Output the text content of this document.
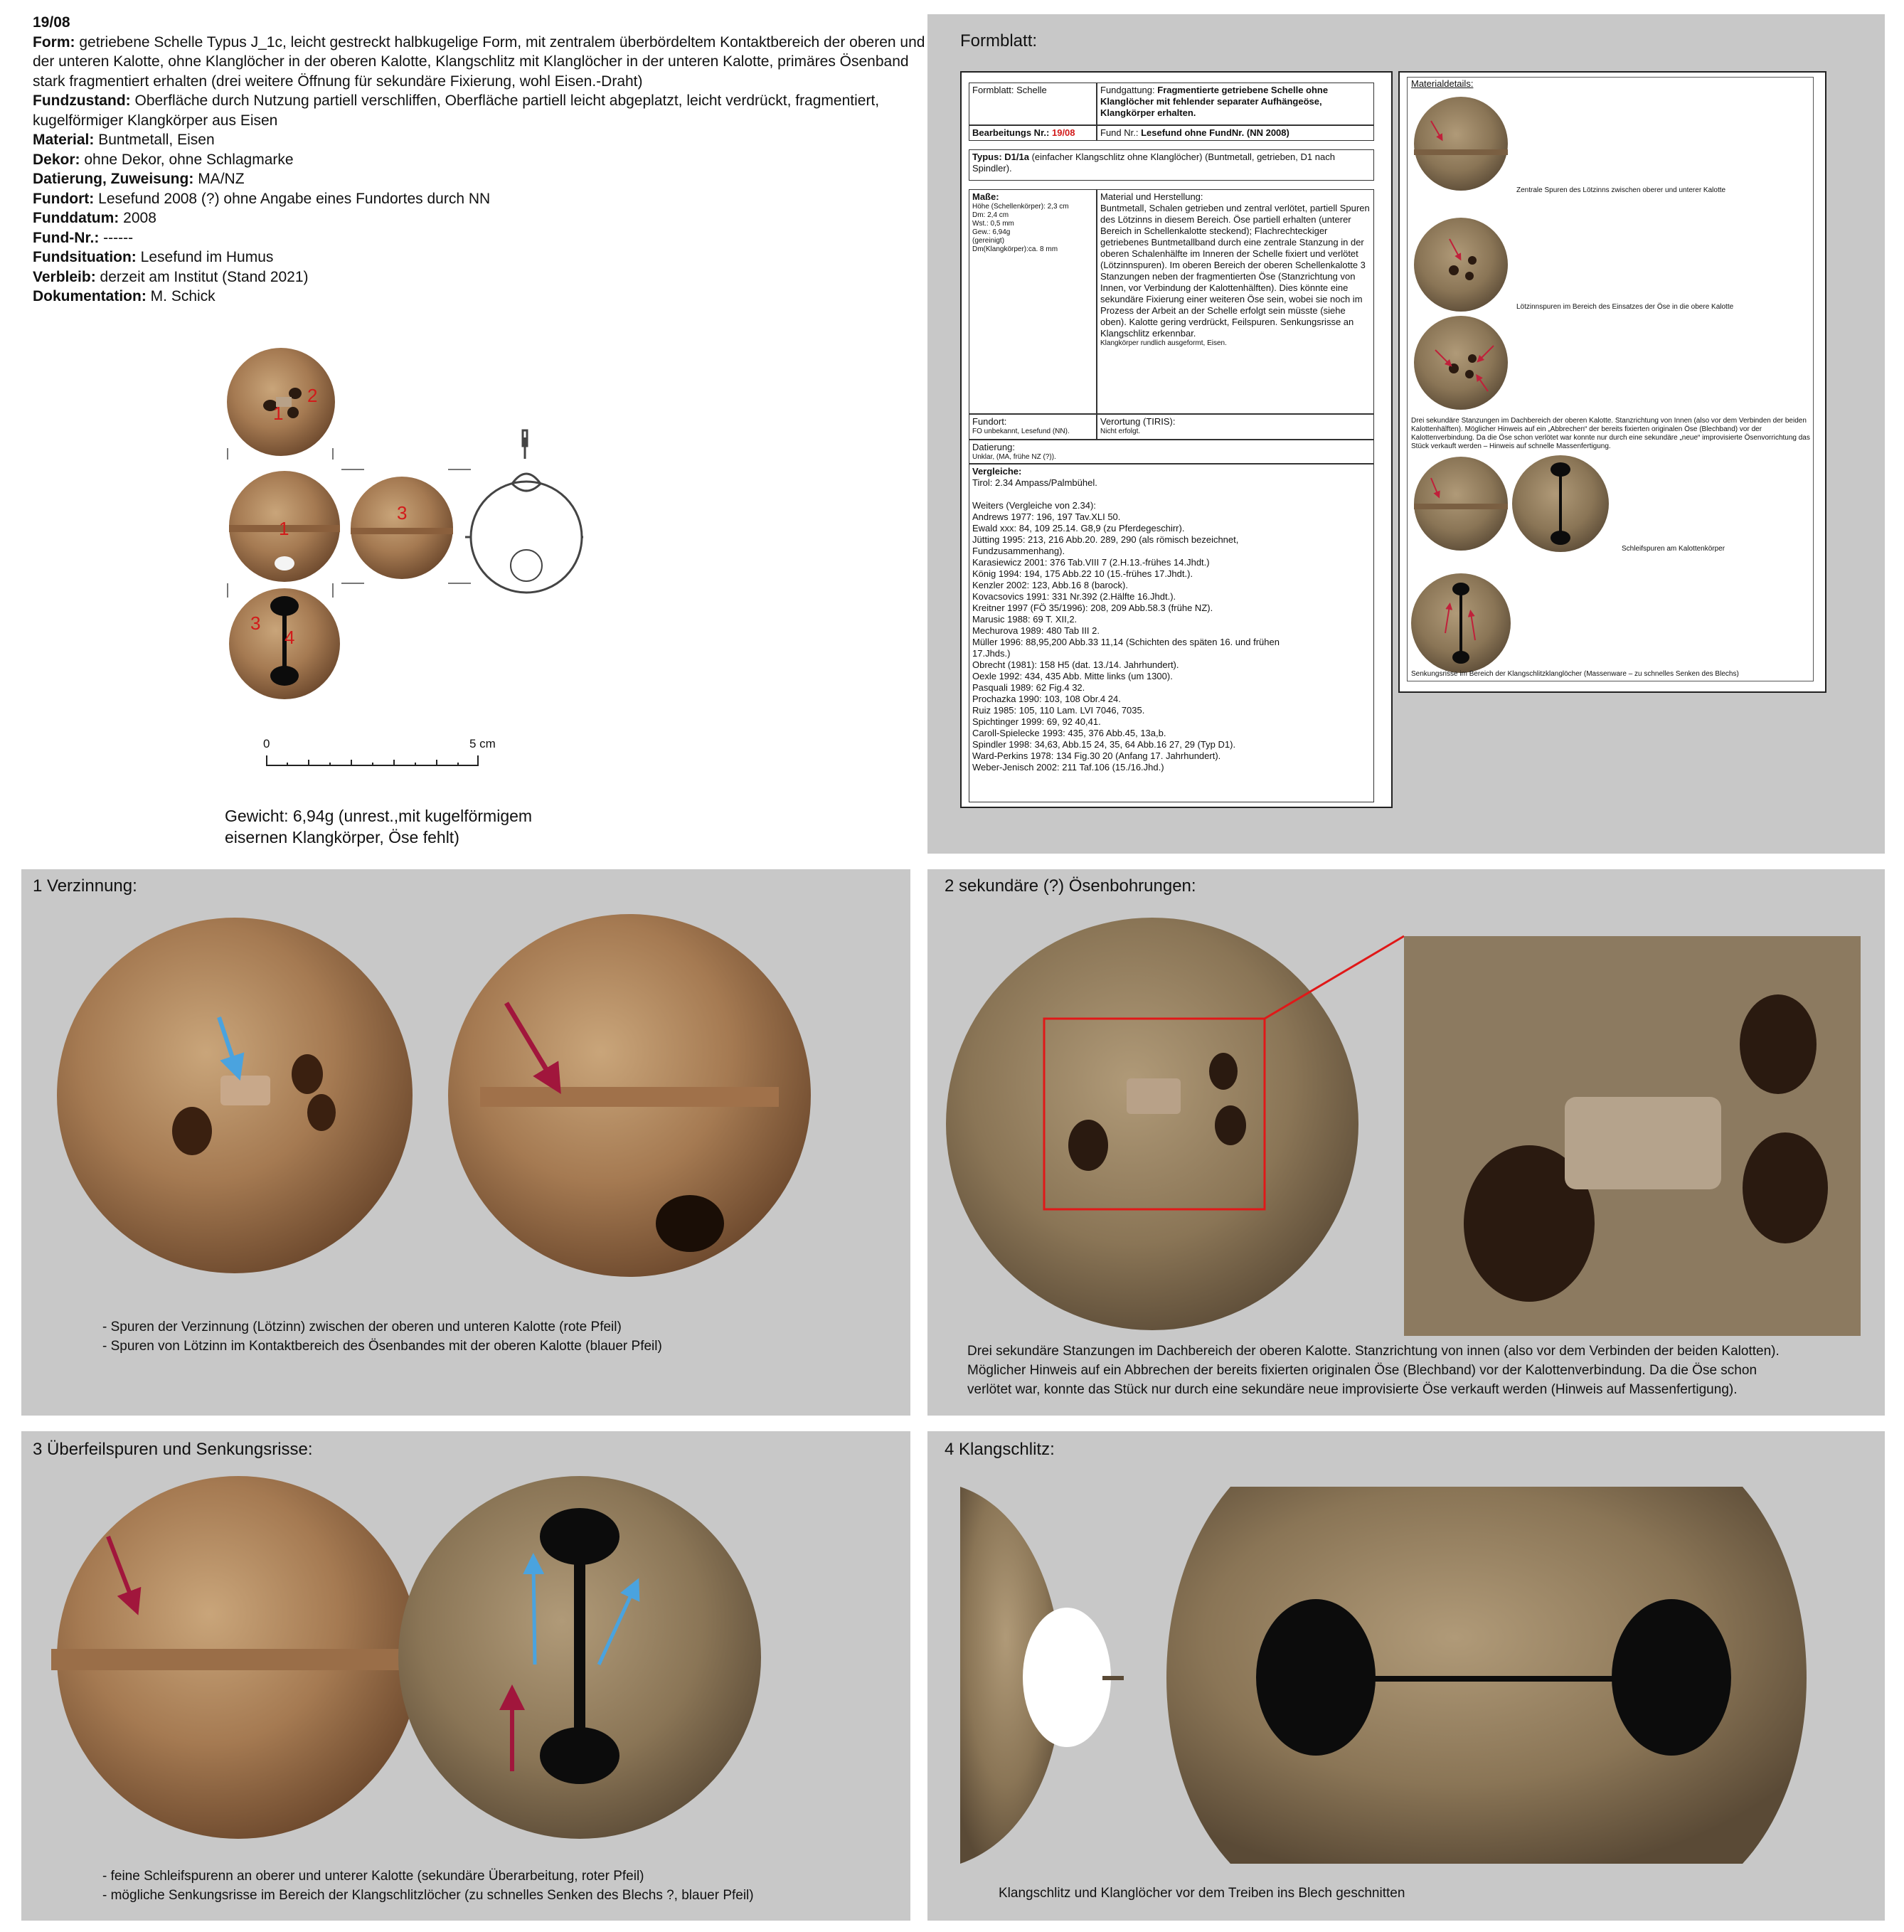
19/08

Form: getriebene Schelle Typus J_1c, leicht gestreckt halbkugelige Form, mit zentralem überbördeltem Kontaktbereich der oberen und der unteren Kalotte, ohne Klanglöcher in der oberen Kalotte, Klangschlitz mit Klanglöcher in der unteren Kalotte, primäres Ösenband stark fragmentiert erhalten (drei weitere Öffnung für sekundäre Fixierung, wohl Eisen.-Draht)

Fundzustand: Oberfläche durch Nutzung partiell verschliffen, Oberfläche partiell leicht abgeplatzt, leicht verdrückt, fragmentiert, kugelförmiger Klangkörper aus Eisen

Material: Buntmetall, Eisen

Dekor: ohne Dekor, ohne Schlagmarke

Datierung, Zuweisung: MA/NZ

Fundort: Lesefund 2008 (?) ohne Angabe eines Fundortes durch NN

Funddatum: 2008

Fund-Nr.: ------

Fundsituation: Lesefund im Humus

Verbleib: derzeit am Institut (Stand 2021)

Dokumentation: M. Schick

1
2
1
3
3
4
0	5 cm
Gewicht: 6,94g (unrest.,mit kugelförmigem
eisernen Klangkörper, Öse fehlt)
Formblatt:
Formblatt: Schelle	Fundgattung: Fragmentierte getriebene Schelle ohne Klanglöcher mit fehlender separater Aufhängeöse, Klangkörper erhalten.
Bearbeitungs Nr.: 19/08	Fund Nr.: Lesefund ohne FundNr. (NN 2008)
Typus: D1/1a (einfacher Klangschlitz ohne Klanglöcher) (Buntmetall, getrieben, D1 nach Spindler).
Maße:
Höhe (Schellenkörper): 2,3 cm
Dm: 2,4 cm
Wst.: 0,5 mm
Gew.: 6,94g
(gereinigt)
Dm(Klangkörper):ca. 8 mm
Material und Herstellung:
Buntmetall, Schalen getrieben und zentral verlötet, partiell Spuren des Lötzinns in diesem Bereich. Öse partiell erhalten (unterer Bereich in Schellenkalotte steckend); Flachrechteckiger getriebenes Buntmetallband durch eine zentrale Stanzung in der oberen Schalenhälfte im Inneren der Schelle fixiert und verlötet (Lötzinnspuren). Im oberen Bereich der oberen Schellenkalotte 3 Stanzungen neben der fragmentierten Öse (Stanzrichtung von Innen, vor Verbindung der Kalottenhälften). Dies könnte eine sekundäre Fixierung einer weiteren Öse sein, wobei sie noch im Prozess der Arbeit an der Schelle erfolgt sein müsste (siehe oben). Kalotte gering verdrückt, Feilspuren. Senkungsrisse an Klangschlitz erkennbar.
Klangkörper rundlich ausgeformt, Eisen.
Fundort:
FO unbekannt, Lesefund (NN).
Verortung (TIRIS):
Nicht erfolgt.
Datierung:
Unklar, (MA, frühe NZ (?)).
Vergleiche:
Tirol: 2.34 Ampass/Palmbühel.
Weiters (Vergleiche von 2.34):
Andrews 1977: 196, 197 Tav.XLI 50.
Ewald xxx: 84, 109 25.14. G8,9 (zu Pferdegeschirr).
Jütting 1995: 213, 216 Abb.20. 289, 290 (als römisch bezeichnet,
Fundzusammenhang).
Karasiewicz 2001: 376 Tab.VIII 7 (2.H.13.-frühes 14.Jhdt.)
König 1994: 194, 175 Abb.22 10 (15.-frühes 17.Jhdt.).
Kenzler 2002: 123, Abb.16 8 (barock).
Kovacsovics 1991: 331 Nr.392 (2.Hälfte 16.Jhdt.).
Kreitner 1997 (FÖ 35/1996): 208, 209 Abb.58.3 (frühe NZ).
Marusic 1988: 69 T. XII,2.
Mechurova 1989: 480 Tab III 2.
Müller 1996: 88,95,200 Abb.33 11,14 (Schichten des späten 16. und frühen
17.Jhds.)
Obrecht (1981): 158 H5 (dat. 13./14. Jahrhundert).
Oexle 1992: 434, 435 Abb. Mitte links (um 1300).
Pasquali 1989: 62 Fig.4 32.
Prochazka 1990: 103, 108 Obr.4 24.
Ruiz 1985: 105, 110 Lam. LVI 7046, 7035.
Spichtinger 1999: 69, 92 40,41.
Caroll-Spielecke 1993: 435, 376 Abb.45, 13a,b.
Spindler 1998: 34,63, Abb.15 24, 35, 64 Abb.16 27, 29 (Typ D1).
Ward-Perkins 1978: 134 Fig.30 20 (Anfang 17. Jahrhundert).
Weber-Jenisch 2002: 211 Taf.106 (15./16.Jhd.)
Materialdetails:
Zentrale Spuren des Lötzinns zwischen oberer und unterer Kalotte
Lötzinnspuren im Bereich des Einsatzes der Öse in die obere Kalotte
Drei sekundäre Stanzungen im Dachbereich der oberen Kalotte. Stanzrichtung von Innen (also vor dem Verbinden der beiden Kalottenhälften). Möglicher Hinweis auf ein „Abbrechen“ der bereits fixierten originalen Öse (Blechband) vor der Kalottenverbindung. Da die Öse schon verlötet war konnte nur durch eine sekundäre „neue“ improvisierte Ösenvorrichtung das Stück verkauft werden – Hinweis auf schnelle Massenfertigung.
Schleifspuren am Kalottenkörper
Senkungsrisse im Bereich der Klangschlitzklanglöcher (Massenware – zu schnelles Senken des Blechs)
1 Verzinnung:
- Spuren der Verzinnung (Lötzinn) zwischen der oberen und unteren Kalotte (rote Pfeil)
- Spuren von Lötzinn im Kontaktbereich des Ösenbandes mit der oberen Kalotte (blauer Pfeil)
2 sekundäre (?) Ösenbohrungen:
Drei sekundäre Stanzungen im Dachbereich der oberen Kalotte. Stanzrichtung von innen (also vor dem Verbinden der beiden Kalotten).
Möglicher Hinweis auf ein Abbrechen der bereits fixierten originalen Öse (Blechband) vor der Kalottenverbindung. Da die Öse schon
verlötet war, konnte das Stück nur durch eine sekundäre neue improvisierte Öse verkauft werden (Hinweis auf Massenfertigung).
3 Überfeilspuren und Senkungsrisse:
- feine Schleifspurenn an oberer und unterer Kalotte (sekundäre Überarbeitung, roter Pfeil)
- mögliche Senkungsrisse im Bereich der Klangschlitzlöcher (zu schnelles Senken des Blechs ?, blauer Pfeil)
4 Klangschlitz:
Klangschlitz und Klanglöcher vor dem Treiben ins Blech geschnitten
